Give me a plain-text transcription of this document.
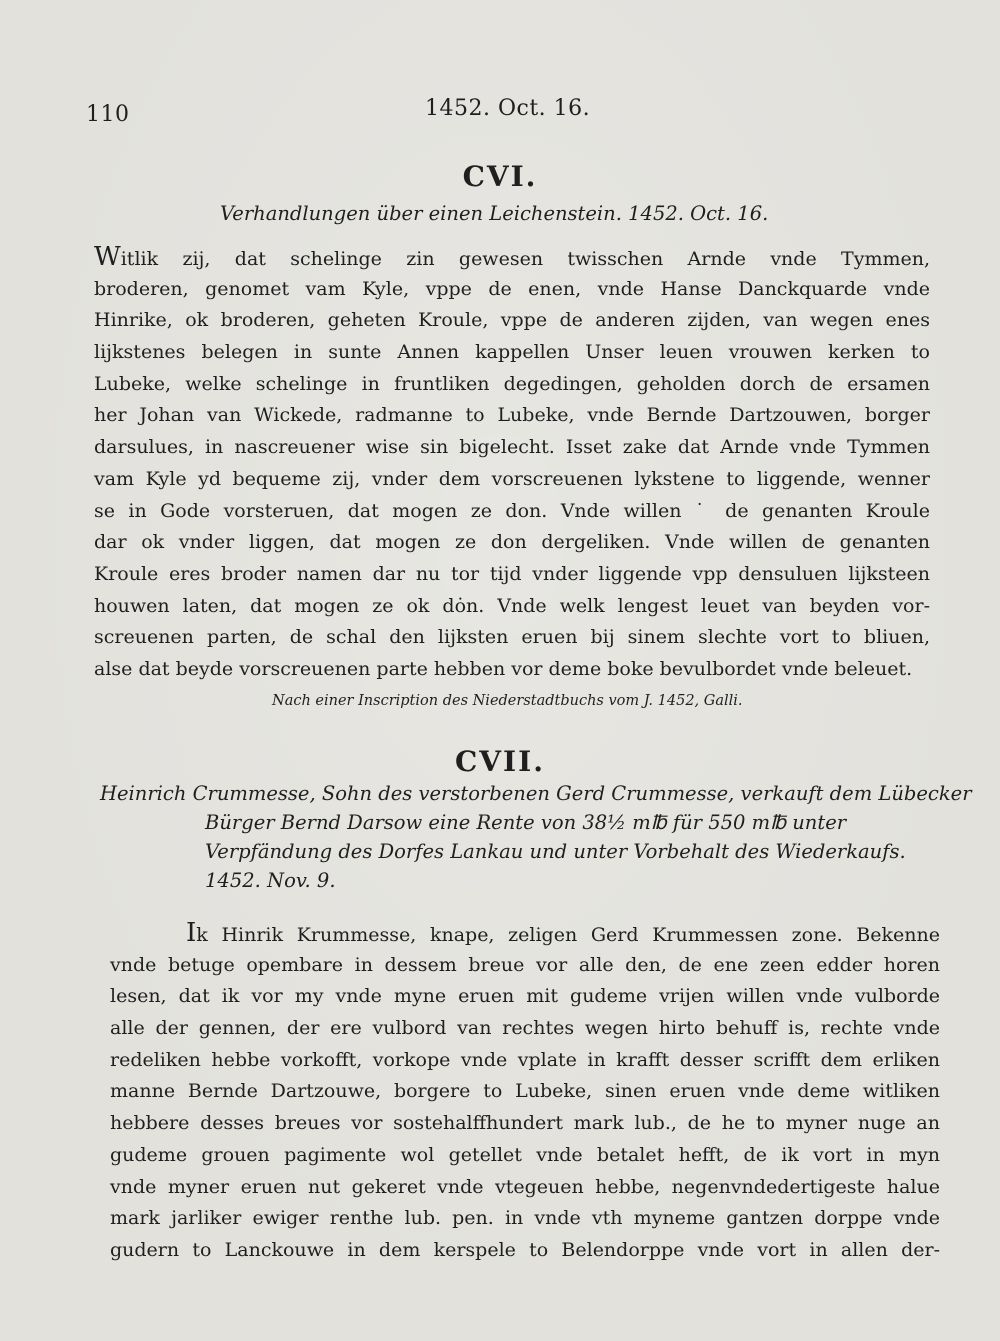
110	1452. Oct. 16.
CVI.
Verhandlungen über einen Leichenstein. 1452. Oct. 16.
Witlik zij, dat schelinge zin gewesen twisschen Arnde vnde Tymmen,
broderen, genomet vam Kyle, vppe de enen, vnde Hanse Danckquarde vnde
Hinrike, ok broderen, geheten Kroule, vppe de anderen zijden, van wegen enes
lijkstenes belegen in sunte Annen kappellen Unser leuen vrouwen kerken to
Lubeke, welke schelinge in fruntliken degedingen, geholden dorch de ersamen
her Johan van Wickede, radmanne to Lubeke, vnde Bernde Dartzouwen, borger
darsulues, in nascreuener wise sin bigelecht. Isset zake dat Arnde vnde Tymmen
vam Kyle yd bequeme zij, vnder dem vorscreuenen lykstene to liggende, wenner
se in Gode vorsteruen, dat mogen ze don. Vnde willen ˙ de genanten Kroule
dar ok vnder liggen, dat mogen ze don dergeliken. Vnde willen de genanten
Kroule eres broder namen dar nu tor tijd vnder liggende vpp densuluen lijksteen
houwen laten, dat mogen ze ok dȯn. Vnde welk lengest leuet van beyden vor-
screuenen parten, de schal den lijksten eruen bij sinem slechte vort to bliuen,
alse dat beyde vorscreuenen parte hebben vor deme boke bevulbordet vnde beleuet.
Nach einer Inscription des Niederstadtbuchs vom J. 1452, Galli.
CVII.
Heinrich Crummesse, Sohn des verstorbenen Gerd Crummesse, verkauft dem Lübecker
Bürger Bernd Darsow eine Rente von 38½ m℔ für 550 m℔ unter
Verpfändung des Dorfes Lankau und unter Vorbehalt des Wiederkaufs.
1452. Nov. 9.
Ik Hinrik Krummesse, knape, zeligen Gerd Krummessen zone. Bekenne
vnde betuge opembare in dessem breue vor alle den, de ene zeen edder horen
lesen, dat ik vor my vnde myne eruen mit gudeme vrijen willen vnde vulborde
alle der gennen, der ere vulbord van rechtes wegen hirto behuff is, rechte vnde
redeliken hebbe vorkofft, vorkope vnde vplate in krafft desser scrifft dem erliken
manne Bernde Dartzouwe, borgere to Lubeke, sinen eruen vnde deme witliken
hebbere desses breues vor sostehalffhundert mark lub., de he to myner nuge an
gudeme grouen pagimente wol getellet vnde betalet hefft, de ik vort in myn
vnde myner eruen nut gekeret vnde vtegeuen hebbe, negenvndedertigeste halue
mark jarliker ewiger renthe lub. pen. in vnde vth myneme gantzen dorppe vnde
gudern to Lanckouwe in dem kerspele to Belendorppe vnde vort in allen der-
